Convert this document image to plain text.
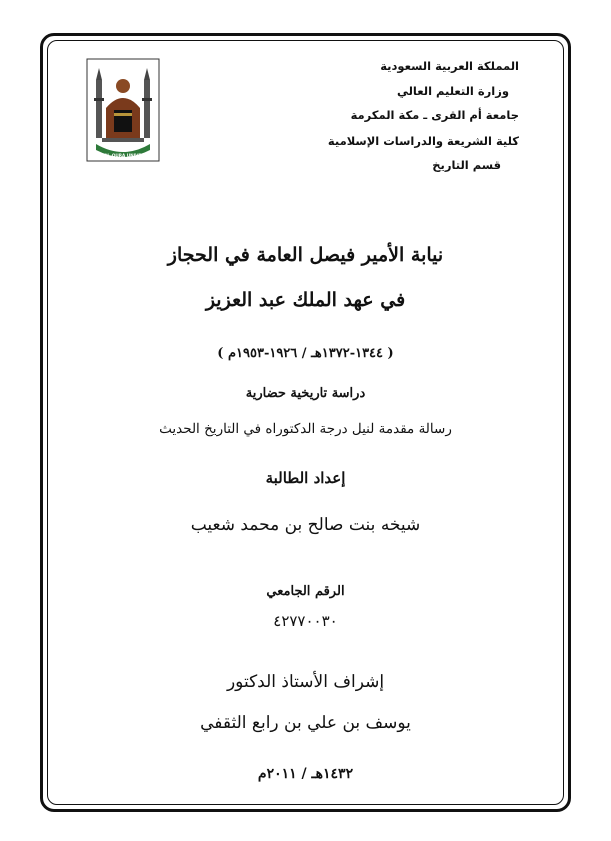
UMM AL-QURA UNIVERSITY
المملكة العربية السعودية
وزارة التعليم العالي
جامعة أم القرى ـ مكة المكرمة
كلية الشريعة والدراسات الإسلامية
قسم التاريخ
نيابة الأمير فيصل العامة في الحجاز
في عهد الملك عبد العزيز
( ١٣٤٤-١٣٧٢هـ / ١٩٢٦-١٩٥٣م )
دراسة تاريخية حضارية
رسالة مقدمة لنيل درجة الدكتوراه في التاريخ الحديث
إعداد الطالبة
شيخه بنت صالح بن محمد شعيب
الرقم الجامعي
٤٢٧٧٠٠٣٠
إشراف الأستاذ الدكتور
يوسف بن علي بن رابع الثقفي
١٤٣٢هـ / ٢٠١١م
